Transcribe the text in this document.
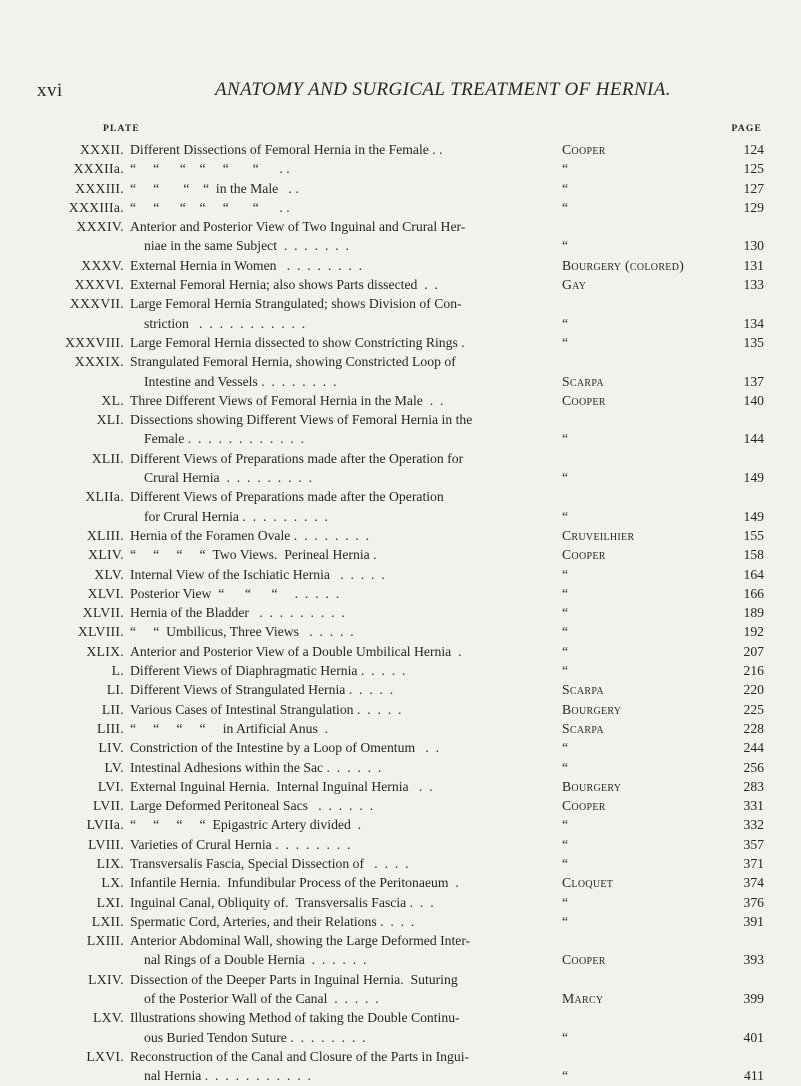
xvi	ANATOMY AND SURGICAL TREATMENT OF HERNIA.
PLATE	PAGE
XXXII. Different Dissections of Femoral Hernia in the Female . .	Cooper	124
XXXIIa. “     “      “    “     “       “      . .	“	125
XXXIII. “     “       “    “  in the Male   . .	“	127
XXXIIIa. “     “      “    “     “       “      . .	“	129
XXXIV. Anterior and Posterior View of Two Inguinal and Crural Her-
niae in the same Subject  .  .  .  .  .  .  .	“	130
XXXV. External Hernia in Women   .  .  .  .  .  .  .  .	Bourgery (colored)	131
XXXVI. External Femoral Hernia; also shows Parts dissected  .  .	Gay	133
XXXVII. Large Femoral Hernia Strangulated; shows Division of Con-
striction   .  .  .  .  .  .  .  .  .  .  .	“	134
XXXVIII. Large Femoral Hernia dissected to show Constricting Rings .	“	135
XXXIX. Strangulated Femoral Hernia, showing Constricted Loop of
Intestine and Vessels .  .  .  .  .  .  .  .	Scarpa	137
XL. Three Different Views of Femoral Hernia in the Male  .  .	Cooper	140
XLI. Dissections showing Different Views of Femoral Hernia in the
Female .  .  .  .  .  .  .  .  .  .  .  .	“	144
XLII. Different Views of Preparations made after the Operation for
Crural Hernia  .  .  .  .  .  .  .  .  .	“	149
XLIIa. Different Views of Preparations made after the Operation
for Crural Hernia .  .  .  .  .  .  .  .  .	“	149
XLIII. Hernia of the Foramen Ovale .  .  .  .  .  .  .  .	Cruveilhier	155
XLIV. “     “     “     “  Two Views.  Perineal Hernia .	Cooper	158
XLV. Internal View of the Ischiatic Hernia   .  .  .  .  .	“	164
XLVI. Posterior View  “      “      “     .  .  .  .  .	“	166
XLVII. Hernia of the Bladder   .  .  .  .  .  .  .  .  .	“	189
XLVIII. “     “  Umbilicus, Three Views   .  .  .  .  .	“	192
XLIX. Anterior and Posterior View of a Double Umbilical Hernia  .	“	207
L. Different Views of Diaphragmatic Hernia .  .  .  .  .	“	216
LI. Different Views of Strangulated Hernia .  .  .  .  .	Scarpa	220
LII. Various Cases of Intestinal Strangulation .  .  .  .  .	Bourgery	225
LIII. “     “     “     “     in Artificial Anus  .	Scarpa	228
LIV. Constriction of the Intestine by a Loop of Omentum   .  .	“	244
LV. Intestinal Adhesions within the Sac .  .  .  .  .  .	“	256
LVI. External Inguinal Hernia.  Internal Inguinal Hernia   .  .	Bourgery	283
LVII. Large Deformed Peritoneal Sacs   .  .  .  .  .  .	Cooper	331
LVIIa. “     “     “     “  Epigastric Artery divided  .	“	332
LVIII. Varieties of Crural Hernia .  .  .  .  .  .  .  .	“	357
LIX. Transversalis Fascia, Special Dissection of   .  .  .  .	“	371
LX. Infantile Hernia.  Infundibular Process of the Peritonaeum  .	Cloquet	374
LXI. Inguinal Canal, Obliquity of.  Transversalis Fascia .  .  .	“	376
LXII. Spermatic Cord, Arteries, and their Relations .  .  .  .	“	391
LXIII. Anterior Abdominal Wall, showing the Large Deformed Inter-
nal Rings of a Double Hernia  .  .  .  .  .  .	Cooper	393
LXIV. Dissection of the Deeper Parts in Inguinal Hernia.  Suturing
of the Posterior Wall of the Canal  .  .  .  .  .	Marcy	399
LXV. Illustrations showing Method of taking the Double Continu-
ous Buried Tendon Suture .  .  .  .  .  .  .  .	“	401
LXVI. Reconstruction of the Canal and Closure of the Parts in Ingui-
nal Hernia .  .  .  .  .  .  .  .  .  .  .	“	411
